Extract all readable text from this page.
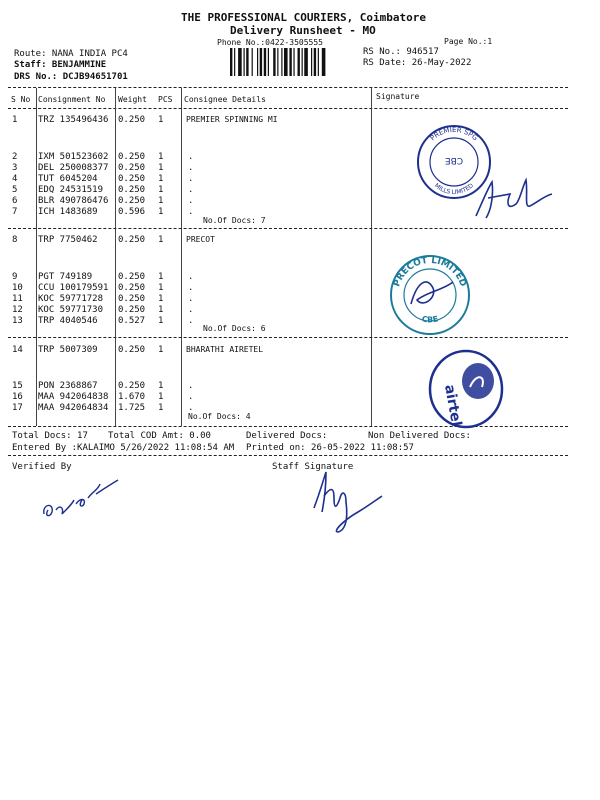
THE PROFESSIONAL COURIERS, Coimbatore
Delivery Runsheet - MO
Phone No.:0422-3505555	Page No.:1
Route: NANA INDIA PC4
Staff: BENJAMMINE
DRS No.: DCJB94651701
RS No.: 946517
RS Date: 26-May-2022
S No Consignment No Weight PCS Consignee Details	Signature
PREMIER SPINNING MI
1 TRZ 135496436 0.250 1
2 IXM 501523602 0.250 1	.
3 DEL 250008377 0.250 1	.
4 TUT 6045204 0.250 1	.
5 EDQ 24531519 0.250 1	.
6 BLR 490786476 0.250 1	.
7 ICH 1483689 0.596 1	.
No.Of Docs: 7
PRECOT
8 TRP 7750462 0.250 1
9 PGT 749189	0.250 1	.
10 CCU 100179591 0.250 1	.
11 KOC 59771728 0.250 1	.
12 KOC 59771730 0.250 1	.
13 TRP 4040546 0.527 1	.
No.Of Docs: 6
BHARATHI AIRETEL
14 TRP 5007309 0.250 1
15 PON 2368867 0.250 1	.
16 MAA 942064838 1.670 1	.
17 MAA 942064834 1.725 1	.
No.Of Docs: 4
Total Docs: 17 Total COD Amt: 0.00	Delivered Docs:	Non Delivered Docs:
Entered By :KALAIMO 5/26/2022 11:08:54 AM Printed on: 26-05-2022 11:08:57
Verified By	Staff Signature
PREMIER SPG
MILLS LIMITED
CBE
PRECOT LIMITED
CBE
airtel
